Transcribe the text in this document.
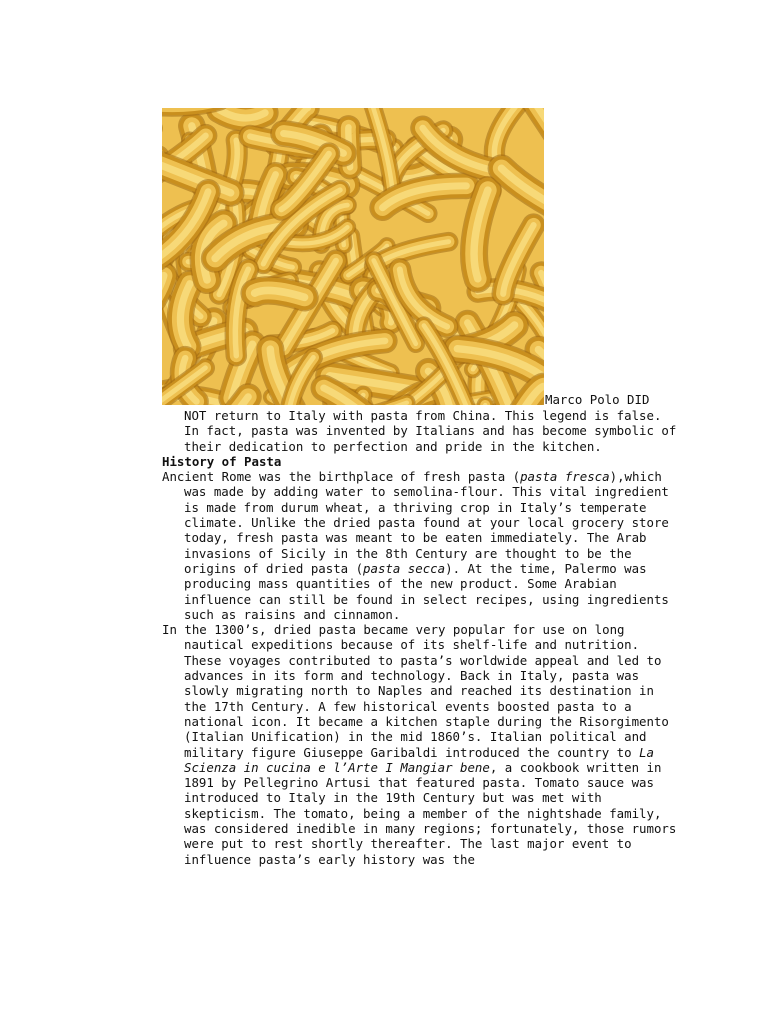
Marco Polo DID

NOT return to Italy with pasta from China. This legend is false. In fact, pasta was invented by Italians and has become symbolic of their dedication to perfection and pride in the kitchen.

History of Pasta

Ancient Rome was the birthplace of fresh pasta (pasta fresca),which was made by adding water to semolina-flour. This vital ingredient is made from durum wheat, a thriving crop in Italy’s temperate climate. Unlike the dried pasta found at your local grocery store today, fresh pasta was meant to be eaten immediately. The Arab invasions of Sicily in the 8th Century are thought to be the origins of dried pasta (pasta secca). At the time, Palermo was producing mass quantities of the new product. Some Arabian influence can still be found in select recipes, using ingredients such as raisins and cinnamon.

In the 1300’s, dried pasta became very popular for use on long nautical expeditions because of its shelf-life and nutrition. These voyages contributed to pasta’s worldwide appeal and led to advances in its form and technology. Back in Italy, pasta was slowly migrating north to Naples and reached its destination in the 17th Century. A few historical events boosted pasta to a national icon. It became a kitchen staple during the Risorgimento (Italian Unification) in the mid 1860’s. Italian political and military figure Giuseppe Garibaldi introduced the country to La Scienza in cucina e l’Arte I Mangiar bene, a cookbook written in 1891 by Pellegrino Artusi that featured pasta. Tomato sauce was introduced to Italy in the 19th Century but was met with skepticism. The tomato, being a member of the nightshade family, was considered inedible in many regions; fortunately, those rumors were put to rest shortly thereafter. The last major event to influence pasta’s early history was the
